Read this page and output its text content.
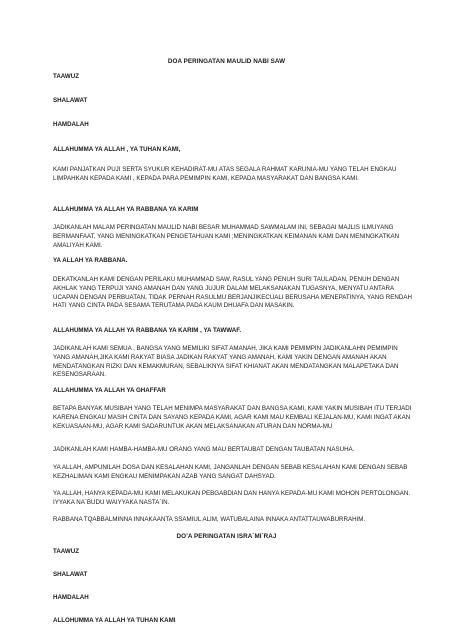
DOA PERINGATAN MAULID NABI SAW
TAAWUZ
SHALAWAT
HAMDALAH
ALLAHUMMA YA ALLAH , YA TUHAN KAMI,
KAMI PANJATKAN PUJI SERTA SYUKUR KEHADIRAT-MU ATAS SEGALA RAHMAT KARUNIA-MU YANG TELAH ENGKAU LIMPAHKAN KEPADA KAMI , KEPADA PARA PEMIMPIN KAMI, KEPADA MASYARAKAT DAN BANGSA KAMI.
ALLAHUMMA YA ALLAH YA RABBANA YA KARIM
JADIKANLAH MALAM PERINGATAN MAULID NABI BESAR MUHAMMAD SAWMALAM INI, SEBAGAI MAJLIS ILMUYANG BERMANFAAT, YANG MENINGKATKAN PENGETAHUAN KAMI ;MENINGKATKAN KEIMANAN KAMI DAN MENINGKATKAN AMALIYAH KAMI.
YA ALLAH YA RABBANA.
DEKATKANLAH KAMI DENGAN PERILAKU MUHAMMAD SAW, RASUL YANG PENUH SURI TAULADAN, PENUH DENGAN AKHLAK YANG TERPUJI YANG AMANAH DAN YANG JUJUR DALAM MELAKSANAKAN TUGASNYA, MENYATU ANTARA UCAPAN DENGAN PERBUATAN, TIDAK PERNAH RASULMU BERJANJIKECUALI BERUSAHA MENEPATINYA, YANG RENDAH HATI YANG CINTA PADA SESAMA TERUTAMA PADA KAUM DHUAFA DAN MASAKIN.
ALLAHUMMA YA ALLAH YA RABBANA YA KARIM , YA TAWWAF.
JADIKANLAH KAMI SEMUA , BANGSA YANG MEMILIKI SIFAT AMANAH, JIKA KAMI PEMIMPIN JADIKANLAHN PEMIMPIN YANG AMANAH,JIKA KAMI RAKYAT BIASA JADIKAN RAKYAT YANG AMANAH, KAMI YAKIN DENGAN AMANAH AKAN MENDATANGKAN RIZKI DAN KEMAKMURAN, SEBALIKNYA SIFAT KHIANAT AKAN MENDATANGKAN MALAPETAKA DAN KESENGSARAAN.
ALLAHUMMA YA ALLAH YA GHAFFAR
BETAPA BANYAK MUSIBAH YANG TELAH MENIMPA MASYARAKAT DAN BANGSA KAMI, KAMI YAKIN MUSIBAH ITU TERJADI KARENA ENGKAU MASIH CINTA DAN SAYANG KEPADA KAMI, AGAR KAMI MAU KEMBALI KEJALAN-MU, KAMI INGAT AKAN KEKUASAAN-MU, AGAR KAMI SADARUNTUK AKAN MELAKSANAKAN ATURAN DAN NORMA-MU
JADIKANLAH KAMI HAMBA-HAMBA-MU ORANG YANG MAU BERTAUBAT DENGAN TAUBATAN NASUHA.
YA ALLAH, AMPUNILAH DOSA DAN KESALAHAN KAMI, JANGANLAH DENGAN SEBAB KESALAHAN KAMI DENGAN SEBAB KEZHALIMAN KAMI ENGKAU MENIMPAKAN AZAB YANG SANGAT DAHSYAD.
YA ALLAH, HANYA KEPADA-MU KAMI MELAKUKAN PEBGABDIAN DAN HANYA KEPADA-MU KAMI MOHON PERTOLONGAN. IYYAKA NA`BUDU WAIYYAKA NASTA`IN.
RABBANA TQABBALMINNA INNAKAANTA SSAMIUL ALIM, WATUBALAINA INNAKA ANTATTAUWABURRAHIM.
DO’A PERINGATAN ISRA`MI`RAJ
TAAWUZ
SHALAWAT
HAMDALAH
ALLOHUMMA YA ALLAH YA TUHAN KAMI
